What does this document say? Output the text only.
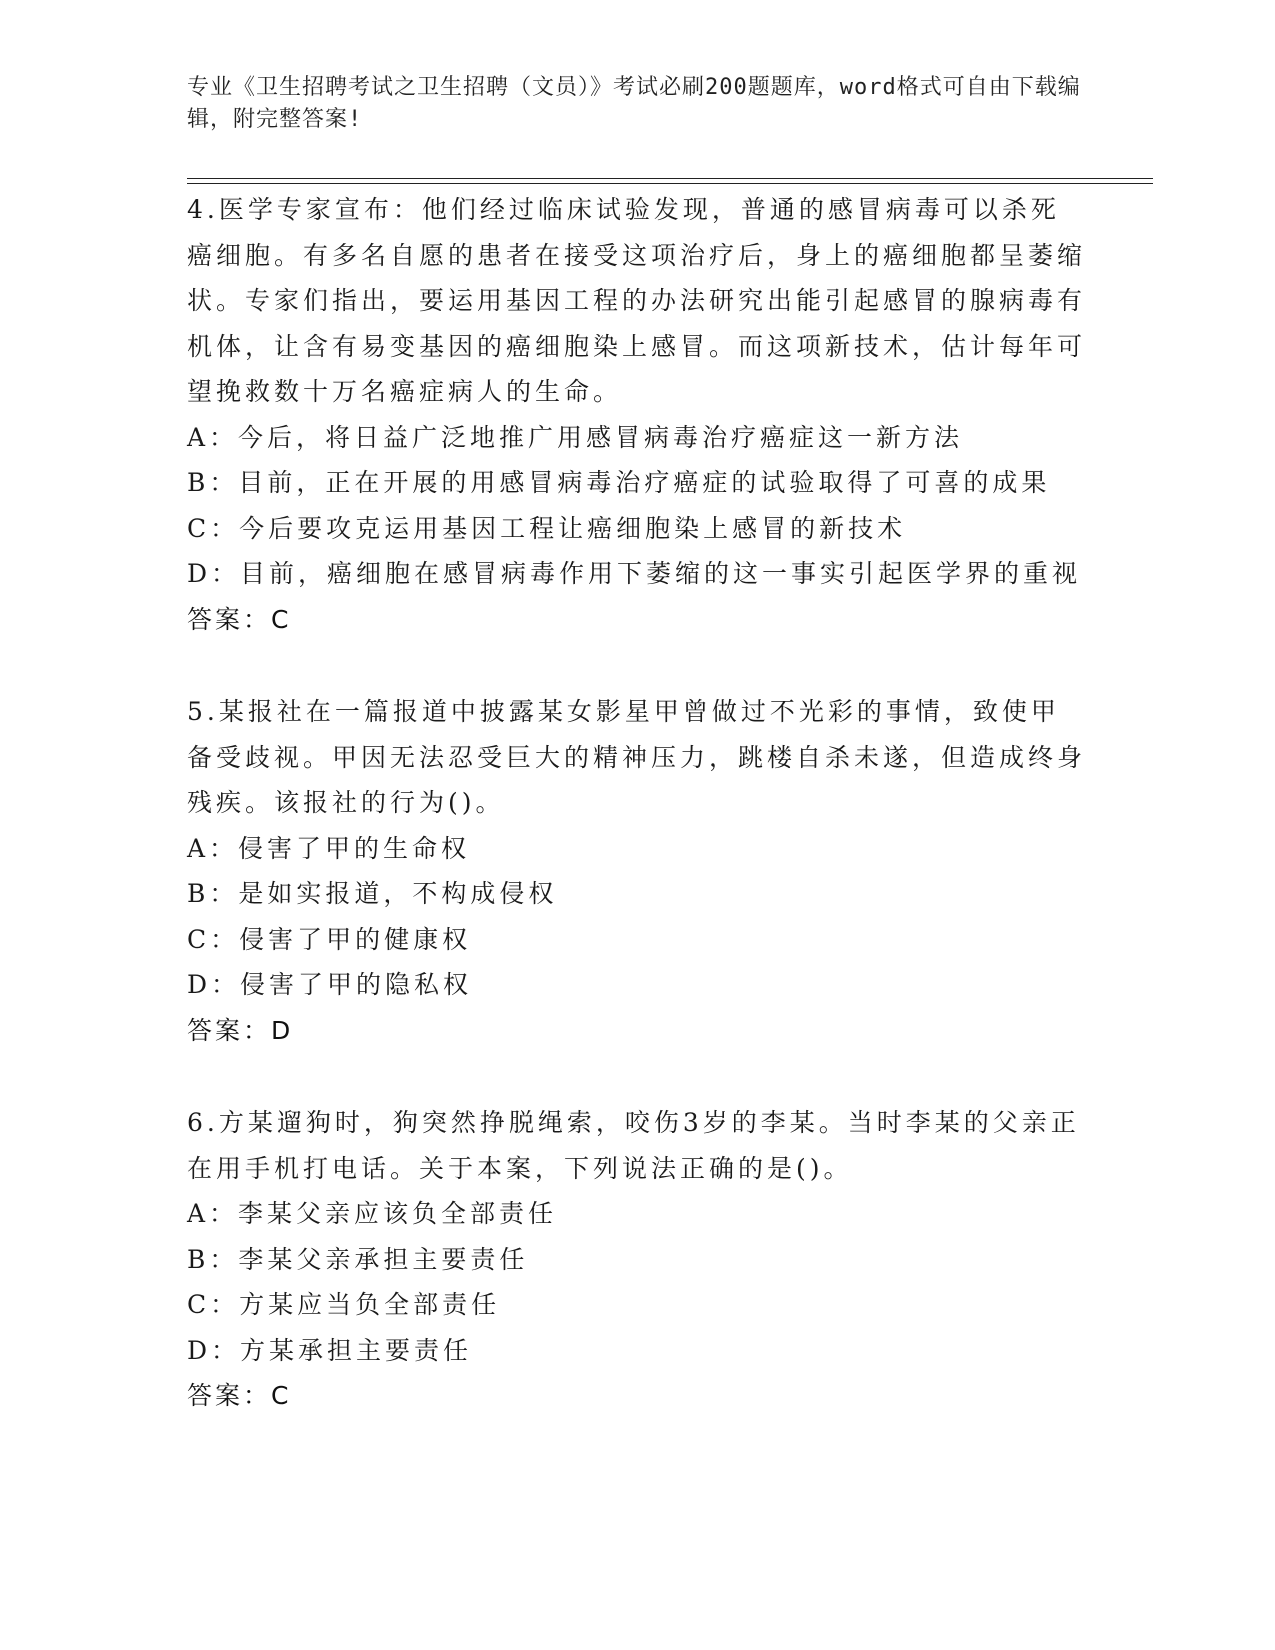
专业《卫生招聘考试之卫生招聘（文员）》考试必刷200题题库，word格式可自由下载编辑，附完整答案!

4.医学专家宣布：他们经过临床试验发现，普通的感冒病毒可以杀死癌细胞。有多名自愿的患者在接受这项治疗后，身上的癌细胞都呈萎缩状。专家们指出，要运用基因工程的办法研究出能引起感冒的腺病毒有机体，让含有易变基因的癌细胞染上感冒。而这项新技术，估计每年可望挽救数十万名癌症病人的生命。

A：今后，将日益广泛地推广用感冒病毒治疗癌症这一新方法

B：目前，正在开展的用感冒病毒治疗癌症的试验取得了可喜的成果

C：今后要攻克运用基因工程让癌细胞染上感冒的新技术

D：目前，癌细胞在感冒病毒作用下萎缩的这一事实引起医学界的重视

答案：C

5.某报社在一篇报道中披露某女影星甲曾做过不光彩的事情，致使甲备受歧视。甲因无法忍受巨大的精神压力，跳楼自杀未遂，但造成终身残疾。该报社的行为()。

A：侵害了甲的生命权

B：是如实报道，不构成侵权

C：侵害了甲的健康权

D：侵害了甲的隐私权

答案：D

6.方某遛狗时，狗突然挣脱绳索，咬伤3岁的李某。当时李某的父亲正在用手机打电话。关于本案，下列说法正确的是()。

A：李某父亲应该负全部责任

B：李某父亲承担主要责任

C：方某应当负全部责任

D：方某承担主要责任

答案：C
